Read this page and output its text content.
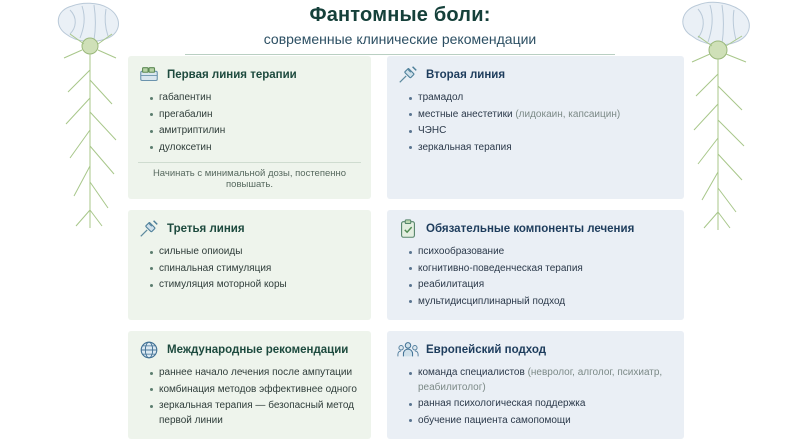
Фантомные боли:
современные клинические рекомендации
Первая линия терапии
габапентин
прегабалин
амитриптилин
дулоксетин
Начинать с минимальной дозы, постепенно повышать.
Вторая линия
трамадол
местные анестетики (лидокаин, капсаицин)
ЧЭНС
зеркальная терапия
Третья линия
сильные опиоиды
спинальная стимуляция
стимуляция моторной коры
Обязательные компоненты лечения
психообразование
когнитивно-поведенческая терапия
реабилитация
мультидисциплинарный подход
Международные рекомендации
раннее начало лечения после ампутации
комбинация методов эффективнее одного
зеркальная терапия — безопасный метод первой линии
Европейский подход
команда специалистов (невролог, алголог, психиатр, реабилитолог)
ранная психологическая поддержка
обучение пациента самопомощи
